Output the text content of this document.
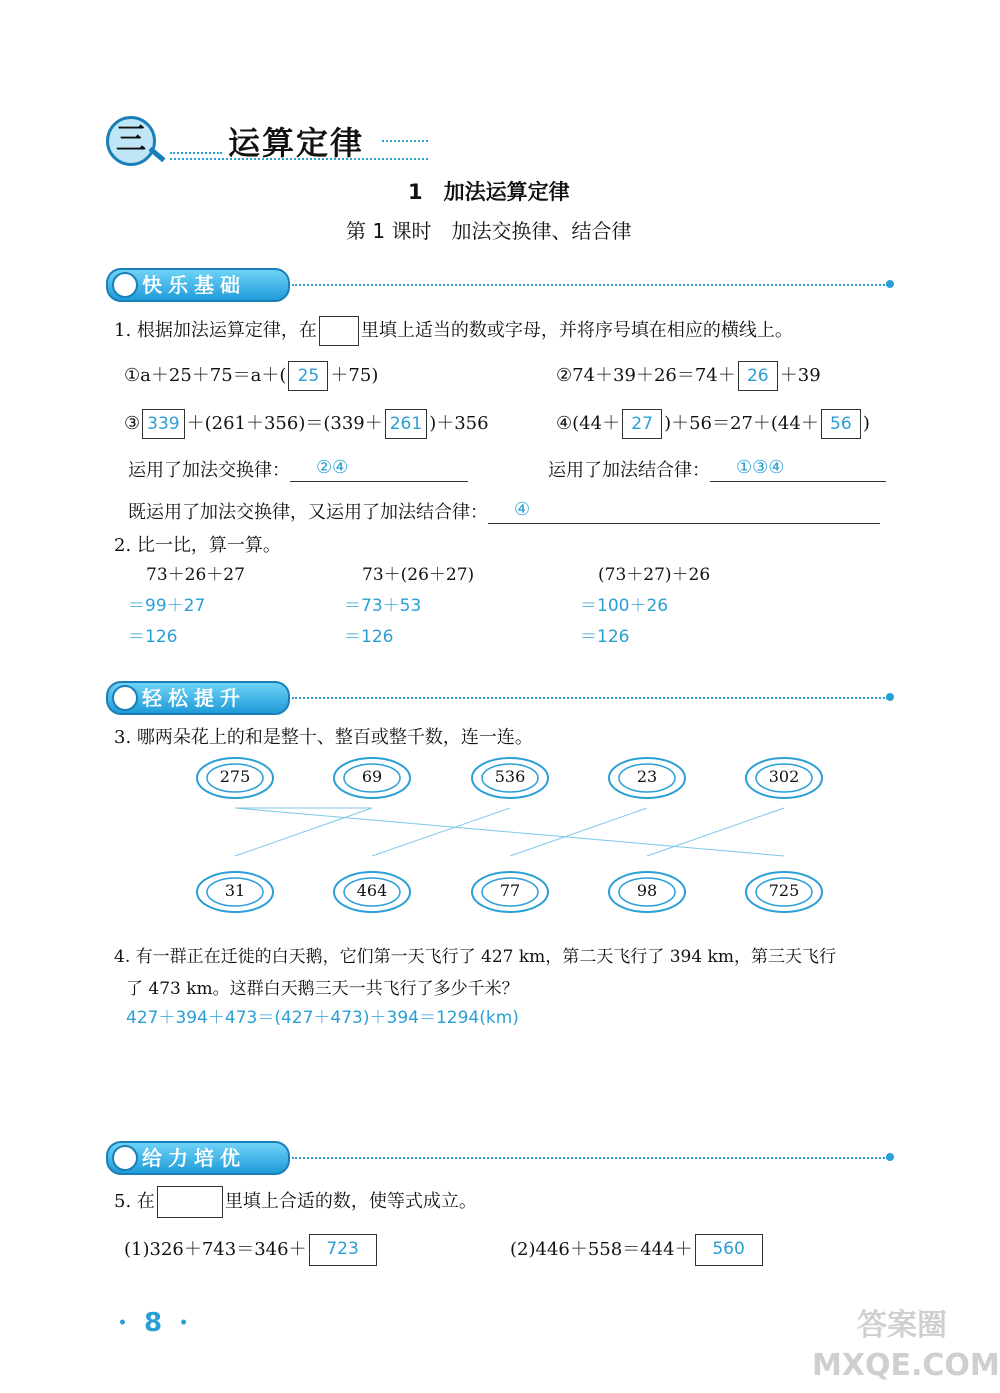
三	运算定律
1　加法运算定律
第 1 课时　加法交换律、结合律
快乐基础
1. 根据加法运算定律，在 里填上适当的数或字母，并将序号填在相应的横线上。
①a＋25＋75＝a＋( 25 ＋75)	②74＋39＋26＝74＋ 26 ＋39
③ 339 ＋(261＋356)＝(339＋ 261 )＋356	④(44＋ 27 )＋56＝27＋(44＋ 56 )
运用了加法交换律： ②④	运用了加法结合律： ①③④
既运用了加法交换律，又运用了加法结合律： ④
2. 比一比，算一算。
73＋26＋27
＝99＋27
＝126
73＋(26＋27)
＝73＋53
＝126
(73＋27)＋26
＝100＋26
＝126
轻松提升
3. 哪两朵花上的和是整十、整百或整千数，连一连。
275	69	536	23	302
31	464	77	98	725
4. 有一群正在迁徙的白天鹅，它们第一天飞行了 427 km，第二天飞行了 394 km，第三天飞行
了 473 km。这群白天鹅三天一共飞行了多少千米？
427＋394＋473＝(427＋473)＋394＝1294(km)
给力培优
5. 在	里填上合适的数，使等式成立。
(1)326＋743＝346＋ 723	(2)446＋558＝444＋ 560
• 8 •	答案圈 MXQE.COM
